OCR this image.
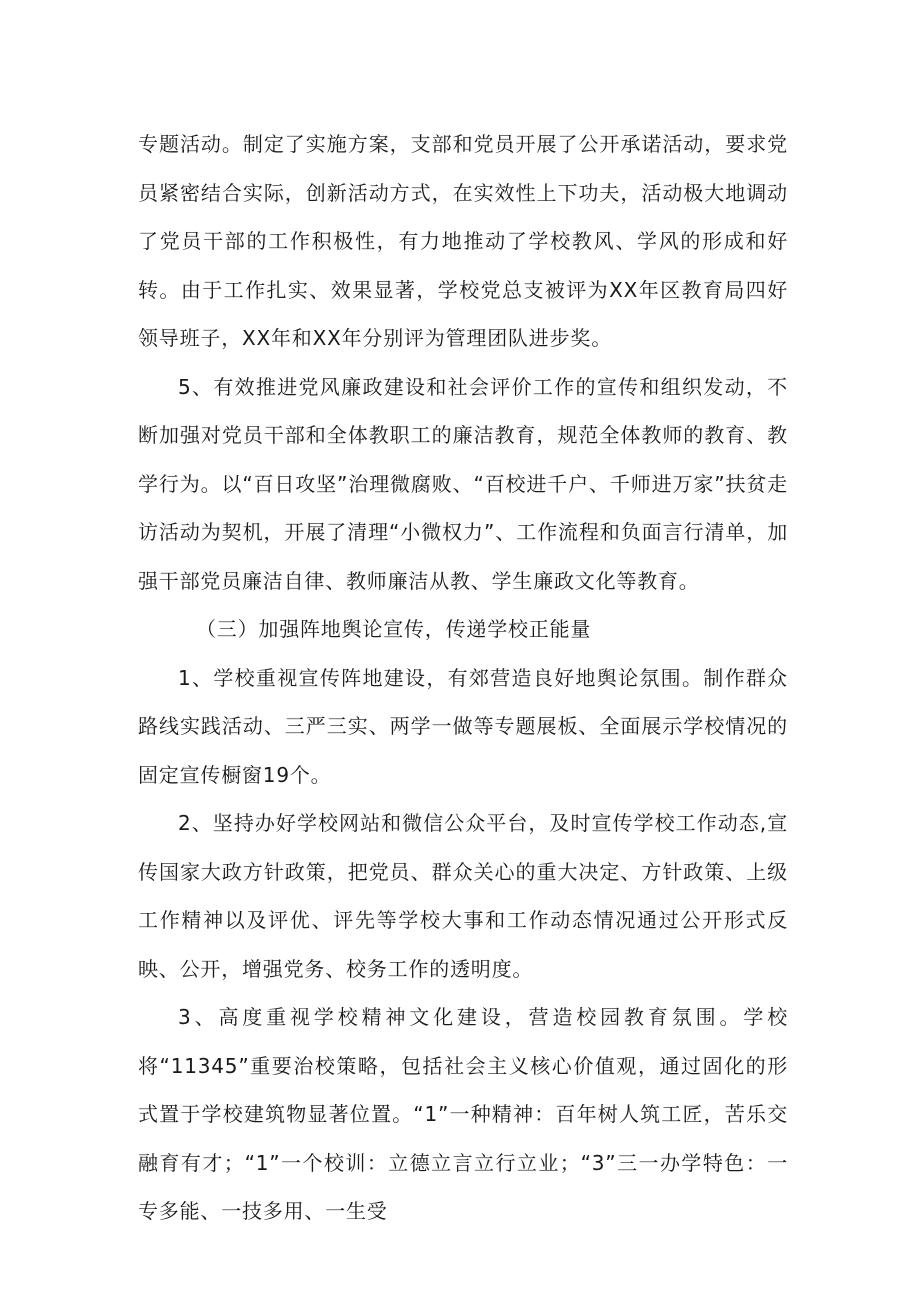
专题活动。制定了实施方案，支部和党员开展了公开承诺活动，要求党员紧密结合实际，创新活动方式，在实效性上下功夫，活动极大地调动了党员干部的工作积极性，有力地推动了学校教风、学风的形成和好转。由于工作扎实、效果显著，学校党总支被评为XX年区教育局四好领导班子，XX年和XX年分别评为管理团队进步奖。

5、有效推进党风廉政建设和社会评价工作的宣传和组织发动，不断加强对党员干部和全体教职工的廉洁教育，规范全体教师的教育、教学行为。以“百日攻坚”治理微腐败、“百校进千户、千师进万家”扶贫走访活动为契机，开展了清理“小微权力”、工作流程和负面言行清单，加强干部党员廉洁自律、教师廉洁从教、学生廉政文化等教育。

（三）加强阵地舆论宣传，传递学校正能量

1、学校重视宣传阵地建设，有郊营造良好地舆论氛围。制作群众路线实践活动、三严三实、两学一做等专题展板、全面展示学校情况的固定宣传橱窗19个。

2、坚持办好学校网站和微信公众平台，及时宣传学校工作动态,宣传国家大政方针政策，把党员、群众关心的重大决定、方针政策、上级工作精神以及评优、评先等学校大事和工作动态情况通过公开形式反映、公开，增强党务、校务工作的透明度。

3、高度重视学校精神文化建设，营造校园教育氛围。学校将“11345”重要治校策略，包括社会主义核心价值观，通过固化的形式置于学校建筑物显著位置。“1”一种精神：百年树人筑工匠，苦乐交融育有才；“1”一个校训：立德立言立行立业；“3”三一办学特色：一专多能、一技多用、一生受
